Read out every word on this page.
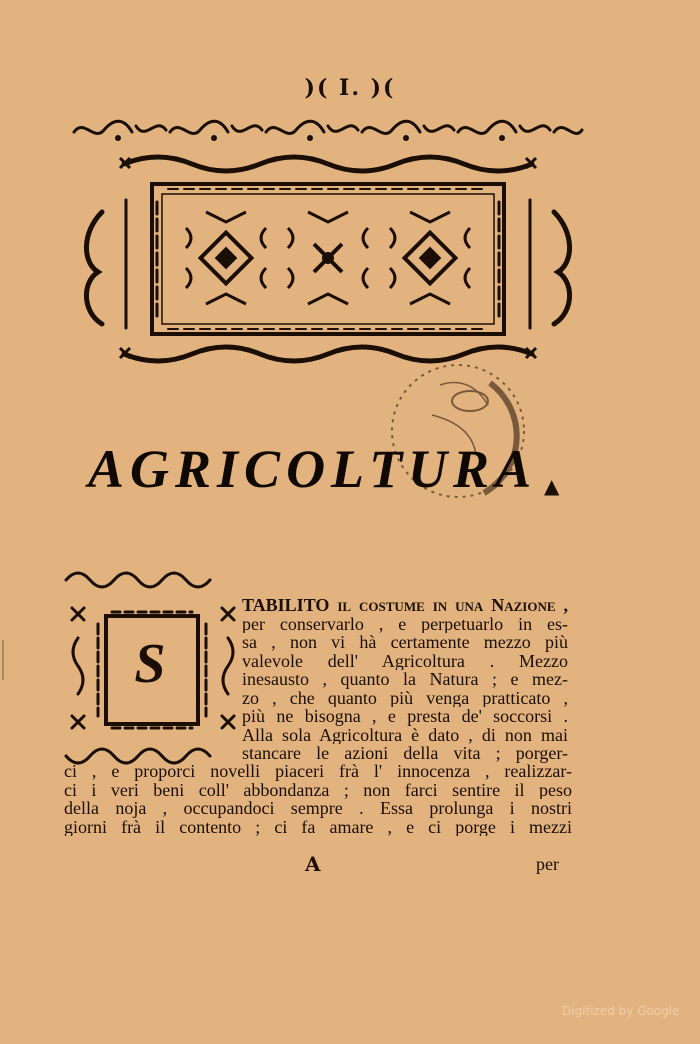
)( I. )(
AGRICOLTURA ▲
S
TABILITO il costume in una Nazione ,
per conservarlo , e perpetuarlo in es-
sa , non vi hà certamente mezzo più
valevole dell' Agricoltura . Mezzo
inesausto , quanto la Natura ; e mez-
zo , che quanto più venga pratticato ,
più ne bisogna , e presta de' soccorsi .
Alla sola Agricoltura è dato , di non mai
stancare le azioni della vita ; porger-
ci , e proporci novelli piaceri frà l' innocenza , realizzar-
ci i veri beni coll' abbondanza ; non farci sentire il peso
della noja , occupandoci sempre . Essa prolunga i nostri
giorni frà il contento ; ci fa amare , e ci porge i mezzi
A	per
Digitized by Google
